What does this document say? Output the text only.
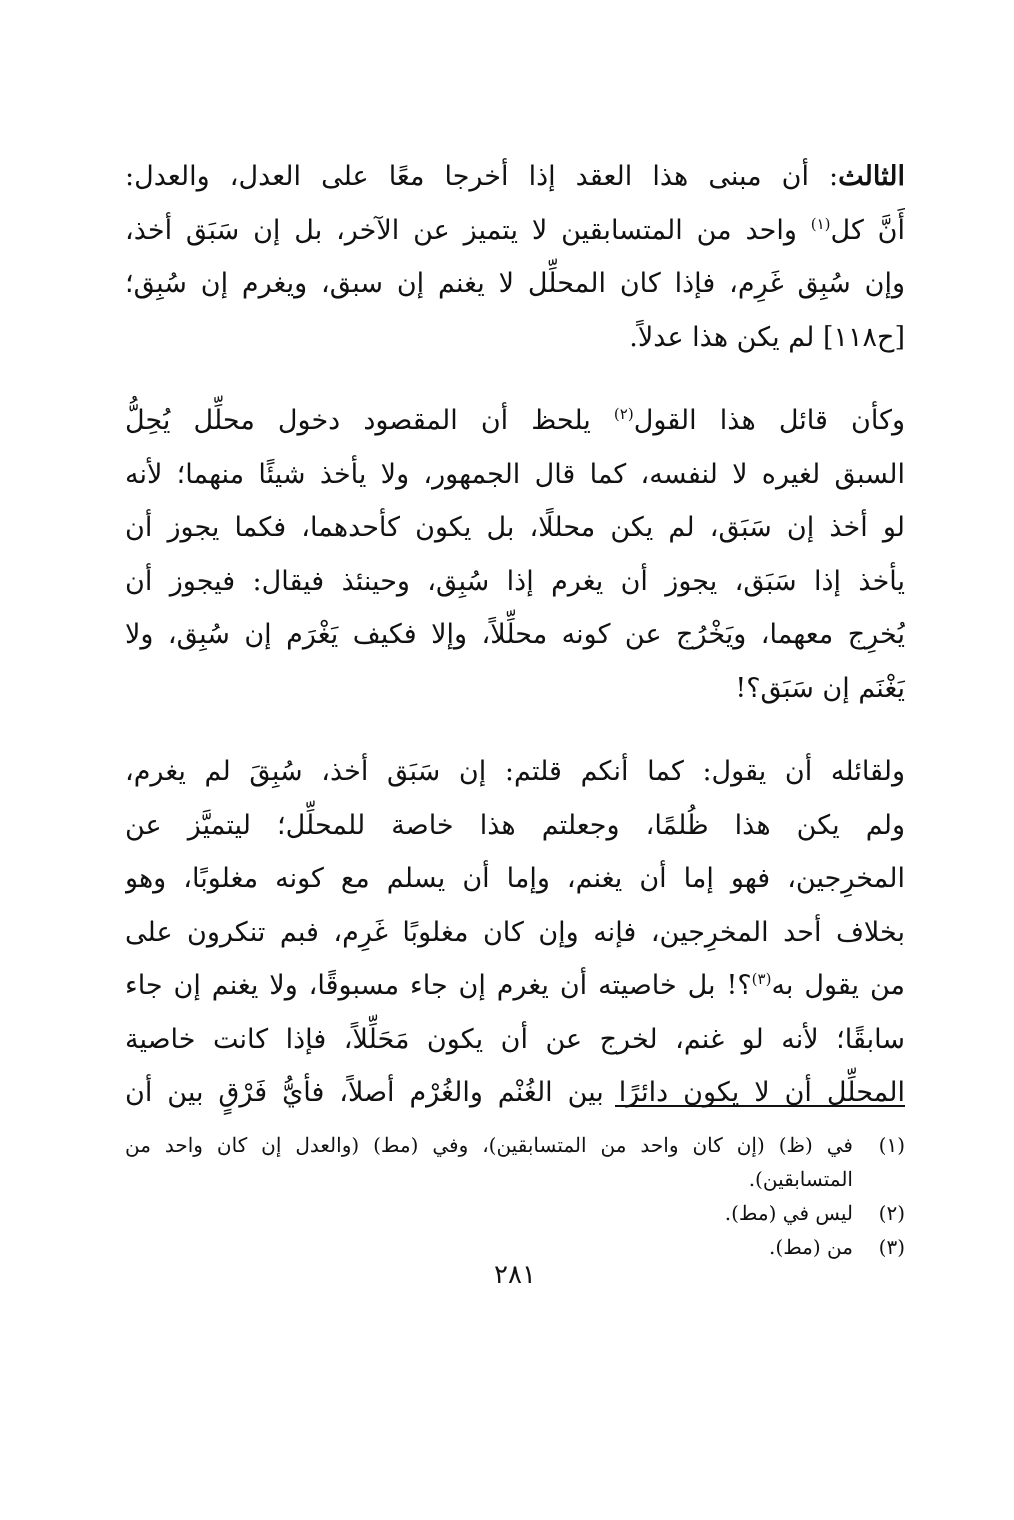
الثالث: أن مبنى هذا العقد إذا أخرجا معًا على العدل، والعدل:
أَنَّ كل$^{(١)}$ واحد من المتسابقين لا يتميز عن الآخر، بل إن سَبَق أخذ،
وإن سُبِق غَرِم، فإذا كان المحلِّل لا يغنم إن سبق، ويغرم إن سُبِق؛
[ح١١٨] لم يكن هذا عدلاً.

وكأن قائل هذا القول$^{(٢)}$ يلحظ أن المقصود دخول محلِّل يُحِلُّ
السبق لغيره لا لنفسه، كما قال الجمهور، ولا يأخذ شيئًا منهما؛ لأنه
لو أخذ إن سَبَق، لم يكن محللًا، بل يكون كأحدهما، فكما يجوز أن
يأخذ إذا سَبَق، يجوز أن يغرم إذا سُبِق، وحينئذ فيقال: فيجوز أن
يُخرِج معهما، ويَخْرُج عن كونه محلِّلاً، وإلا فكيف يَغْرَم إن سُبِق، ولا
يَغْنَم إن سَبَق؟!

ولقائله أن يقول: كما أنكم قلتم: إن سَبَق أخذ، سُبِقَ لم يغرم،
ولم يكن هذا ظُلمًا، وجعلتم هذا خاصة للمحلِّل؛ ليتميَّز عن
المخرِجين، فهو إما أن يغنم، وإما أن يسلم مع كونه مغلوبًا، وهو
بخلاف أحد المخرِجين، فإنه وإن كان مغلوبًا غَرِم، فبم تنكرون على
من يقول به$^{(٣)}$؟! بل خاصيته أن يغرم إن جاء مسبوقًا، ولا يغنم إن جاء
سابقًا؛ لأنه لو غنم، لخرج عن أن يكون مَحَلِّلاً، فإذا كانت خاصية
المحلِّل أن لا يكون دائرًا بين الغُنْم والغُرْم أصلاً، فأيُّ فَرْقٍ بين أن

(١)
في (ظ) (إن كان واحد من المتسابقين)، وفي (مط) (والعدل إن كان واحد من المتسابقين).
(٢)
ليس في (مط).
(٣)
من (مط).
٢٨١
